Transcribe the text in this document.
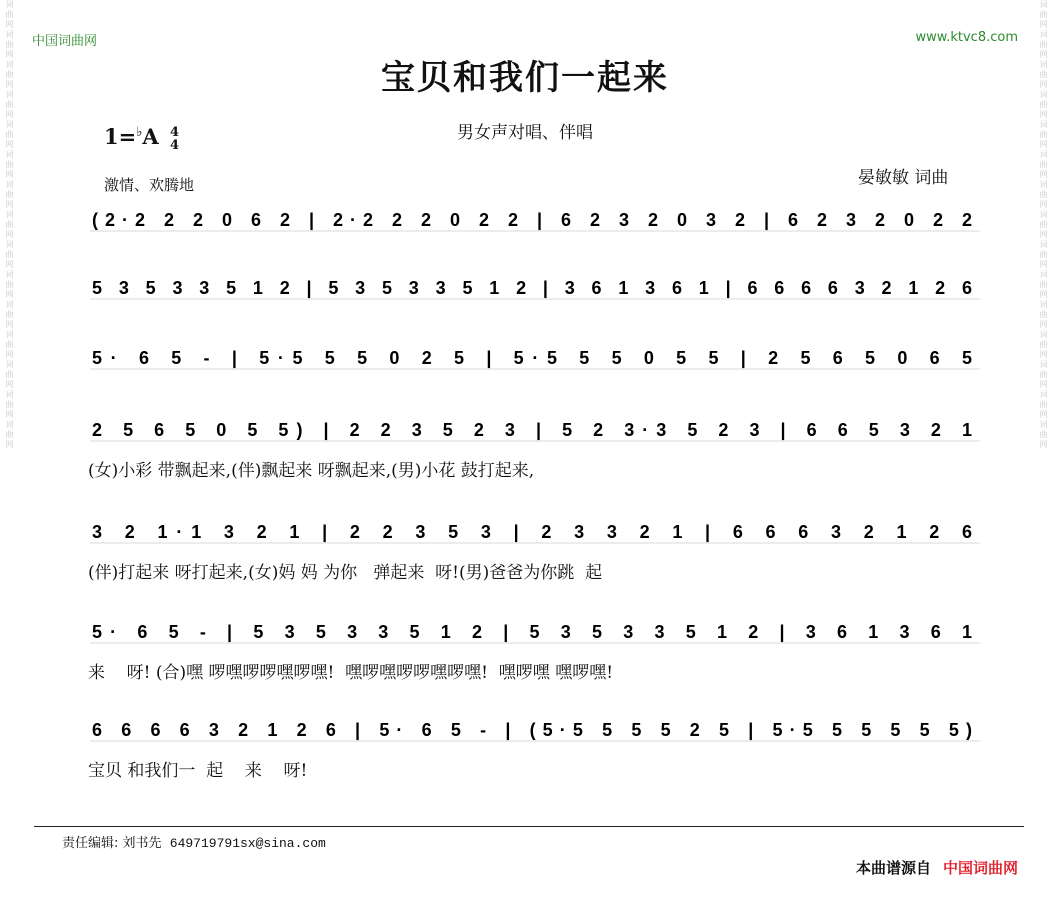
词曲网词曲网词曲网词曲网词曲网词曲网词曲网词曲网词曲网词曲网词曲网词曲网词曲网词曲网词曲网	词曲网词曲网词曲网词曲网词曲网词曲网词曲网词曲网词曲网词曲网词曲网词曲网词曲网词曲网词曲网
中国词曲网	www.ktvc8.com
宝贝和我们一起来
男女声对唱、伴唱
1=♭A 4
4
激情、欢腾地	晏敏敏 词曲
(2·2 2 2 0 6 2 | 2·2 2 2 0 2 2 | 6 2 3 2 0 3 2 | 6 2 3 2 0 2 2
5 3 5 3 3 5 1 2 | 5 3 5 3 3 5 1 2 | 3 6 1 3 6 1 | 6 6 6 6 3 2 1 2 6
5· 6 5 - | 5·5 5 5 0 2 5 | 5·5 5 5 0 5 5 | 2 5 6 5 0 6 5
2 5 6 5 0 5 5) | 2 2 3 5 2 3 | 5 2 3·3 5 2 3 | 6 6 5 3 2 1
(女)小彩 带飘起来,(伴)飘起来 呀飘起来,(男)小花 鼓打起来,
3 2 1·1 3 2 1 | 2 2 3 5 3 | 2 3 3 2 1 | 6 6 6 3 2 1 2 6
(伴)打起来 呀打起来,(女)妈 妈 为你   弹起来  呀!(男)爸爸为你跳  起
5· 6 5 - | 5 3 5 3 3 5 1 2 | 5 3 5 3 3 5 1 2 | 3 6 1 3 6 1
来    呀! (合)嘿 啰嘿啰啰嘿啰嘿!  嘿啰嘿啰啰嘿啰嘿!  嘿啰嘿 嘿啰嘿!
6 6 6 6 3 2 1 2 6 | 5· 6 5 - | (5·5 5 5 5 2 5 | 5·5 5 5 5 5 5)
宝贝 和我们一  起    来    呀!
责任编辑: 刘书先 649719791sx@sina.com
本曲谱源自 中国词曲网
